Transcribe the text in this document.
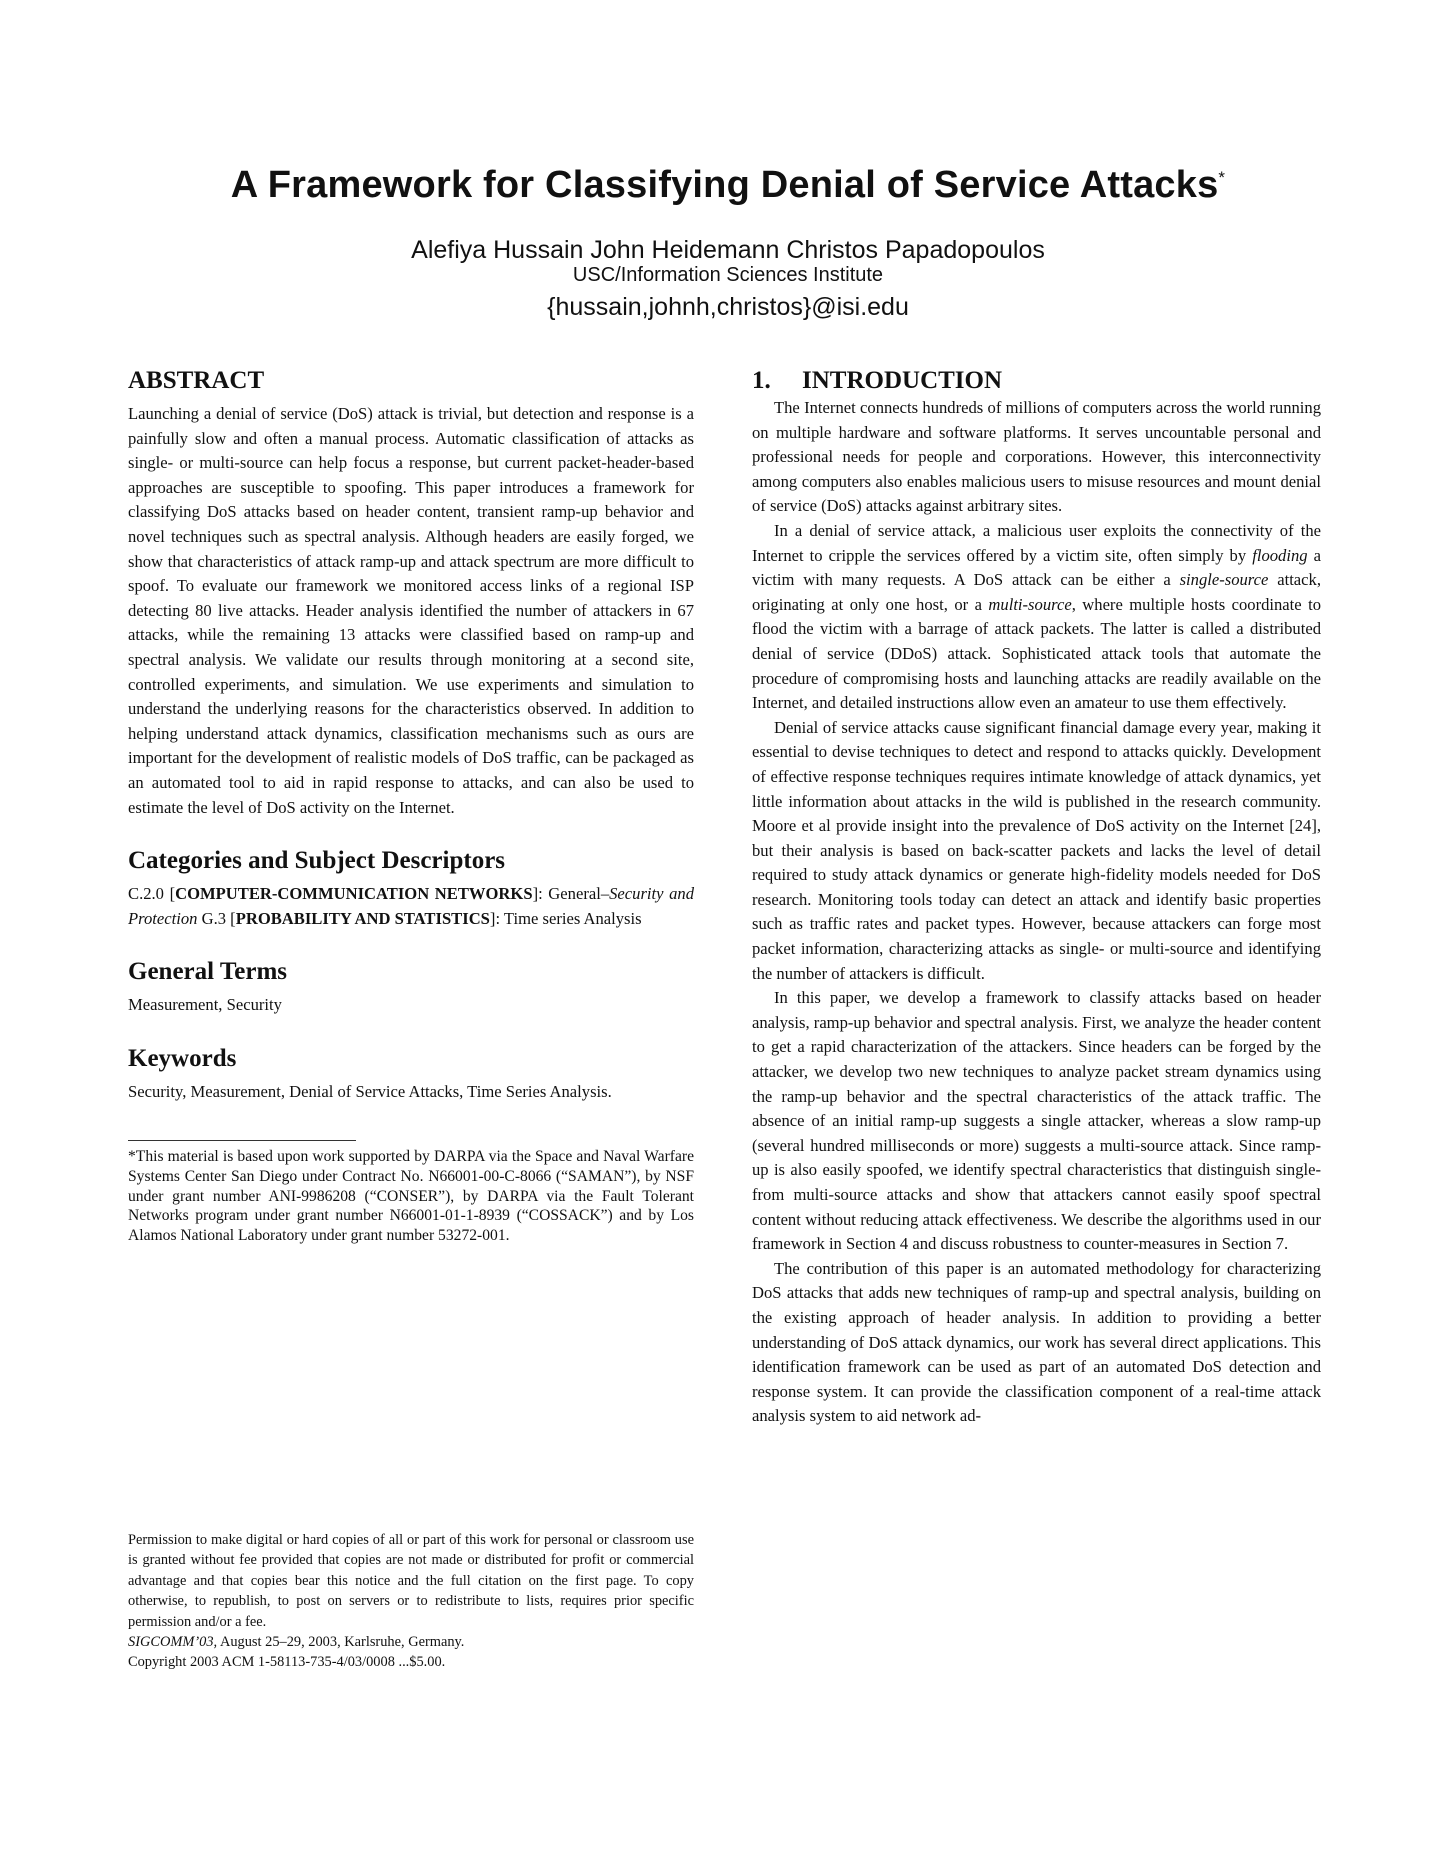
A Framework for Classifying Denial of Service Attacks*
Alefiya Hussain John Heidemann Christos Papadopoulos
USC/Information Sciences Institute
{hussain,johnh,christos}@isi.edu
ABSTRACT

Launching a denial of service (DoS) attack is trivial, but detection and response is a painfully slow and often a manual process. Automatic classification of attacks as single- or multi-source can help focus a response, but current packet-header-based approaches are susceptible to spoofing. This paper introduces a framework for classifying DoS attacks based on header content, transient ramp-up behavior and novel techniques such as spectral analysis. Although headers are easily forged, we show that characteristics of attack ramp-up and attack spectrum are more difficult to spoof. To evaluate our framework we monitored access links of a regional ISP detecting 80 live attacks. Header analysis identified the number of attackers in 67 attacks, while the remaining 13 attacks were classified based on ramp-up and spectral analysis. We validate our results through monitoring at a second site, controlled experiments, and simulation. We use experiments and simulation to understand the underlying reasons for the characteristics observed. In addition to helping understand attack dynamics, classification mechanisms such as ours are important for the development of realistic models of DoS traffic, can be packaged as an automated tool to aid in rapid response to attacks, and can also be used to estimate the level of DoS activity on the Internet.

Categories and Subject Descriptors

C.2.0 [COMPUTER-COMMUNICATION NETWORKS]: General–Security and Protection G.3 [PROBABILITY AND STATISTICS]: Time series Analysis

General Terms

Measurement, Security

Keywords

Security, Measurement, Denial of Service Attacks, Time Series Analysis.

*This material is based upon work supported by DARPA via the Space and Naval Warfare Systems Center San Diego under Contract No. N66001-00-C-8066 (“SAMAN”), by NSF under grant number ANI-9986208 (“CONSER”), by DARPA via the Fault Tolerant Networks program under grant number N66001-01-1-8939 (“COSSACK”) and by Los Alamos National Laboratory under grant number 53272-001.

Permission to make digital or hard copies of all or part of this work for personal or classroom use is granted without fee provided that copies are not made or distributed for profit or commercial advantage and that copies bear this notice and the full citation on the first page. To copy otherwise, to republish, to post on servers or to redistribute to lists, requires prior specific permission and/or a fee.
SIGCOMM’03, August 25–29, 2003, Karlsruhe, Germany.
Copyright 2003 ACM 1-58113-735-4/03/0008 ...$5.00.
1. INTRODUCTION

The Internet connects hundreds of millions of computers across the world running on multiple hardware and software platforms. It serves uncountable personal and professional needs for people and corporations. However, this interconnectivity among computers also enables malicious users to misuse resources and mount denial of service (DoS) attacks against arbitrary sites.

In a denial of service attack, a malicious user exploits the connectivity of the Internet to cripple the services offered by a victim site, often simply by flooding a victim with many requests. A DoS attack can be either a single-source attack, originating at only one host, or a multi-source, where multiple hosts coordinate to flood the victim with a barrage of attack packets. The latter is called a distributed denial of service (DDoS) attack. Sophisticated attack tools that automate the procedure of compromising hosts and launching attacks are readily available on the Internet, and detailed instructions allow even an amateur to use them effectively.

Denial of service attacks cause significant financial damage every year, making it essential to devise techniques to detect and respond to attacks quickly. Development of effective response techniques requires intimate knowledge of attack dynamics, yet little information about attacks in the wild is published in the research community. Moore et al provide insight into the prevalence of DoS activity on the Internet [24], but their analysis is based on back-scatter packets and lacks the level of detail required to study attack dynamics or generate high-fidelity models needed for DoS research. Monitoring tools today can detect an attack and identify basic properties such as traffic rates and packet types. However, because attackers can forge most packet information, characterizing attacks as single- or multi-source and identifying the number of attackers is difficult.

In this paper, we develop a framework to classify attacks based on header analysis, ramp-up behavior and spectral analysis. First, we analyze the header content to get a rapid characterization of the attackers. Since headers can be forged by the attacker, we develop two new techniques to analyze packet stream dynamics using the ramp-up behavior and the spectral characteristics of the attack traffic. The absence of an initial ramp-up suggests a single attacker, whereas a slow ramp-up (several hundred milliseconds or more) suggests a multi-source attack. Since ramp-up is also easily spoofed, we identify spectral characteristics that distinguish single- from multi-source attacks and show that attackers cannot easily spoof spectral content without reducing attack effectiveness. We describe the algorithms used in our framework in Section 4 and discuss robustness to counter-measures in Section 7.

The contribution of this paper is an automated methodology for characterizing DoS attacks that adds new techniques of ramp-up and spectral analysis, building on the existing approach of header analysis. In addition to providing a better understanding of DoS attack dynamics, our work has several direct applications. This identification framework can be used as part of an automated DoS detection and response system. It can provide the classification component of a real-time attack analysis system to aid network ad-
